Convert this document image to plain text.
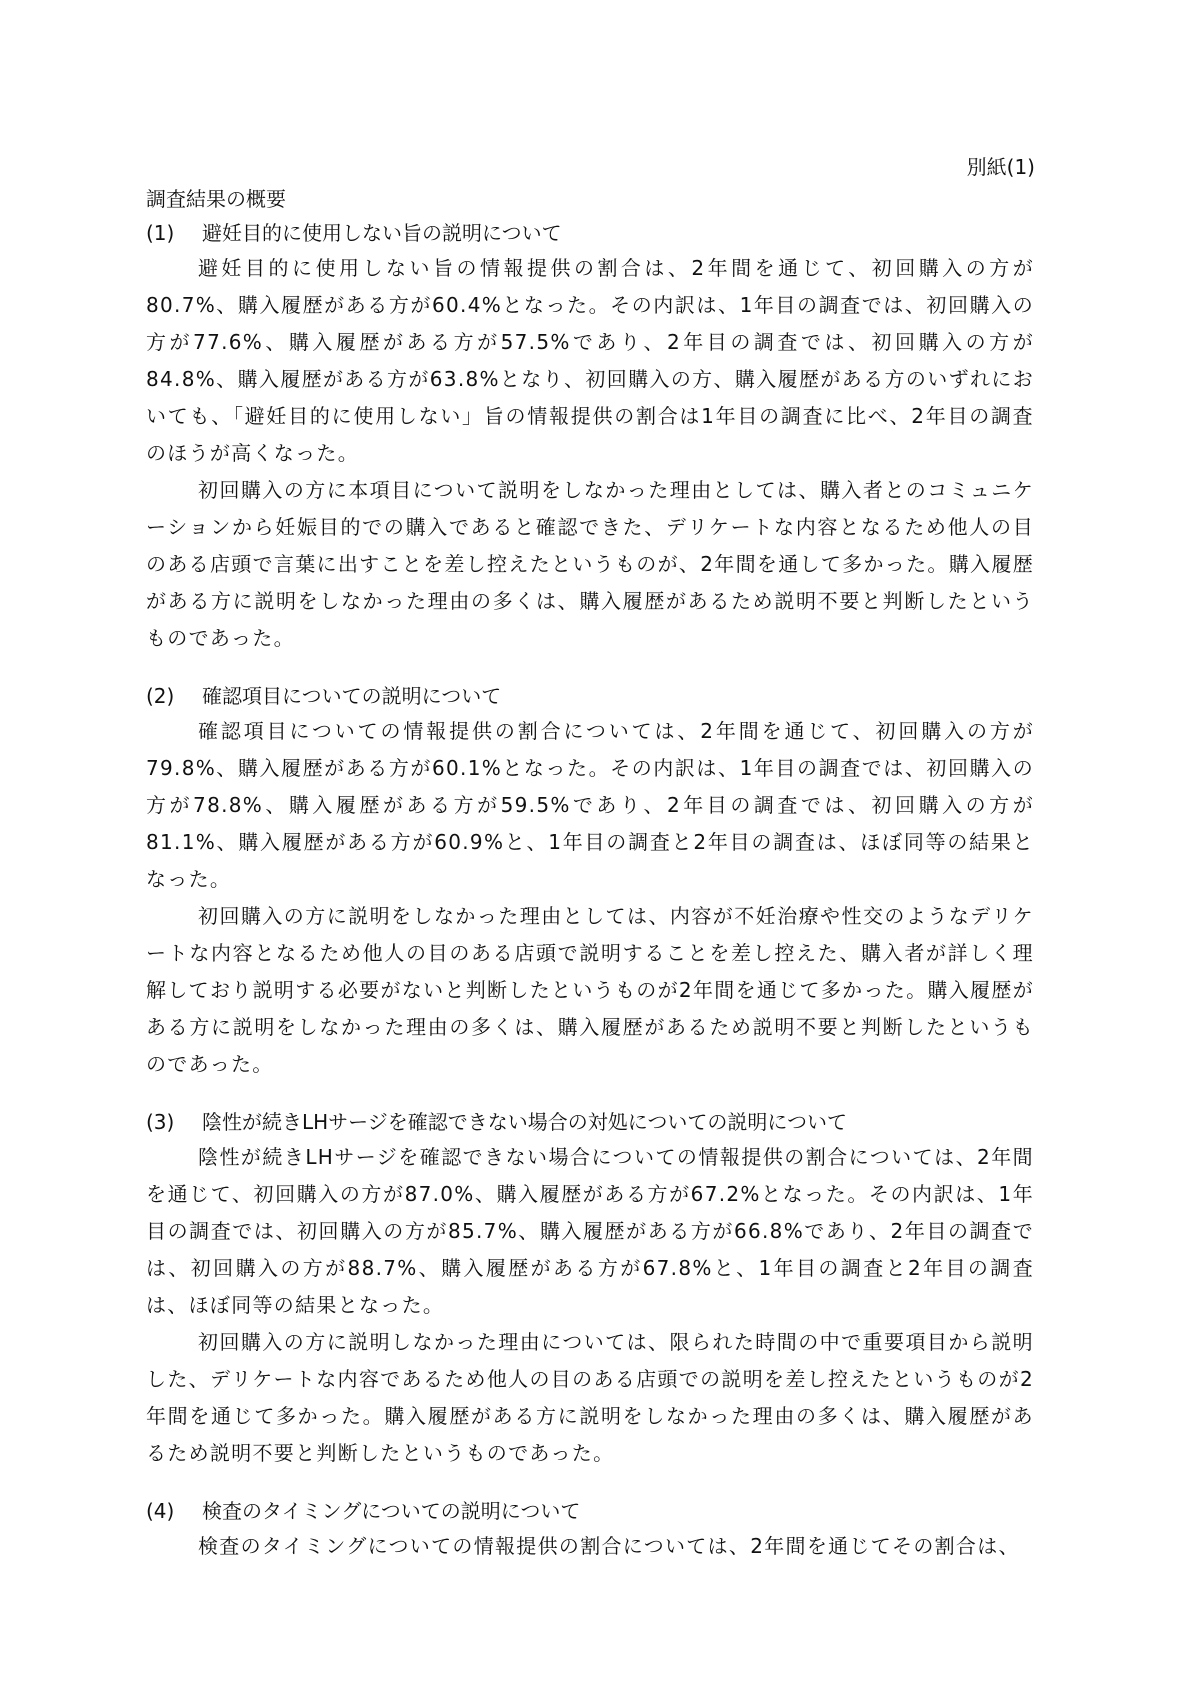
別紙(1)
調査結果の概要
(1)	避妊目的に使用しない旨の説明について

避妊目的に使用しない旨の情報提供の割合は、2年間を通じて、初回購入の方が80.7%、購入履歴がある方が60.4%となった。その内訳は、1年目の調査では、初回購入の方が77.6%、購入履歴がある方が57.5%であり、2年目の調査では、初回購入の方が84.8%、購入履歴がある方が63.8%となり、初回購入の方、購入履歴がある方のいずれにおいても、「避妊目的に使用しない」旨の情報提供の割合は1年目の調査に比べ、2年目の調査のほうが高くなった。

初回購入の方に本項目について説明をしなかった理由としては、購入者とのコミュニケーションから妊娠目的での購入であると確認できた、デリケートな内容となるため他人の目のある店頭で言葉に出すことを差し控えたというものが、2年間を通して多かった。購入履歴がある方に説明をしなかった理由の多くは、購入履歴があるため説明不要と判断したというものであった。

(2)	確認項目についての説明について

確認項目についての情報提供の割合については、2年間を通じて、初回購入の方が79.8%、購入履歴がある方が60.1%となった。その内訳は、1年目の調査では、初回購入の方が78.8%、購入履歴がある方が59.5%であり、2年目の調査では、初回購入の方が81.1%、購入履歴がある方が60.9%と、1年目の調査と2年目の調査は、ほぼ同等の結果となった。

初回購入の方に説明をしなかった理由としては、内容が不妊治療や性交のようなデリケートな内容となるため他人の目のある店頭で説明することを差し控えた、購入者が詳しく理解しており説明する必要がないと判断したというものが2年間を通じて多かった。購入履歴がある方に説明をしなかった理由の多くは、購入履歴があるため説明不要と判断したというものであった。

(3)	陰性が続きLHサージを確認できない場合の対処についての説明について

陰性が続きLHサージを確認できない場合についての情報提供の割合については、2年間を通じて、初回購入の方が87.0%、購入履歴がある方が67.2%となった。その内訳は、1年目の調査では、初回購入の方が85.7%、購入履歴がある方が66.8%であり、2年目の調査では、初回購入の方が88.7%、購入履歴がある方が67.8%と、1年目の調査と2年目の調査は、ほぼ同等の結果となった。

初回購入の方に説明しなかった理由については、限られた時間の中で重要項目から説明した、デリケートな内容であるため他人の目のある店頭での説明を差し控えたというものが2年間を通じて多かった。購入履歴がある方に説明をしなかった理由の多くは、購入履歴があるため説明不要と判断したというものであった。

(4)	検査のタイミングについての説明について

検査のタイミングについての情報提供の割合については、2年間を通じてその割合は、
